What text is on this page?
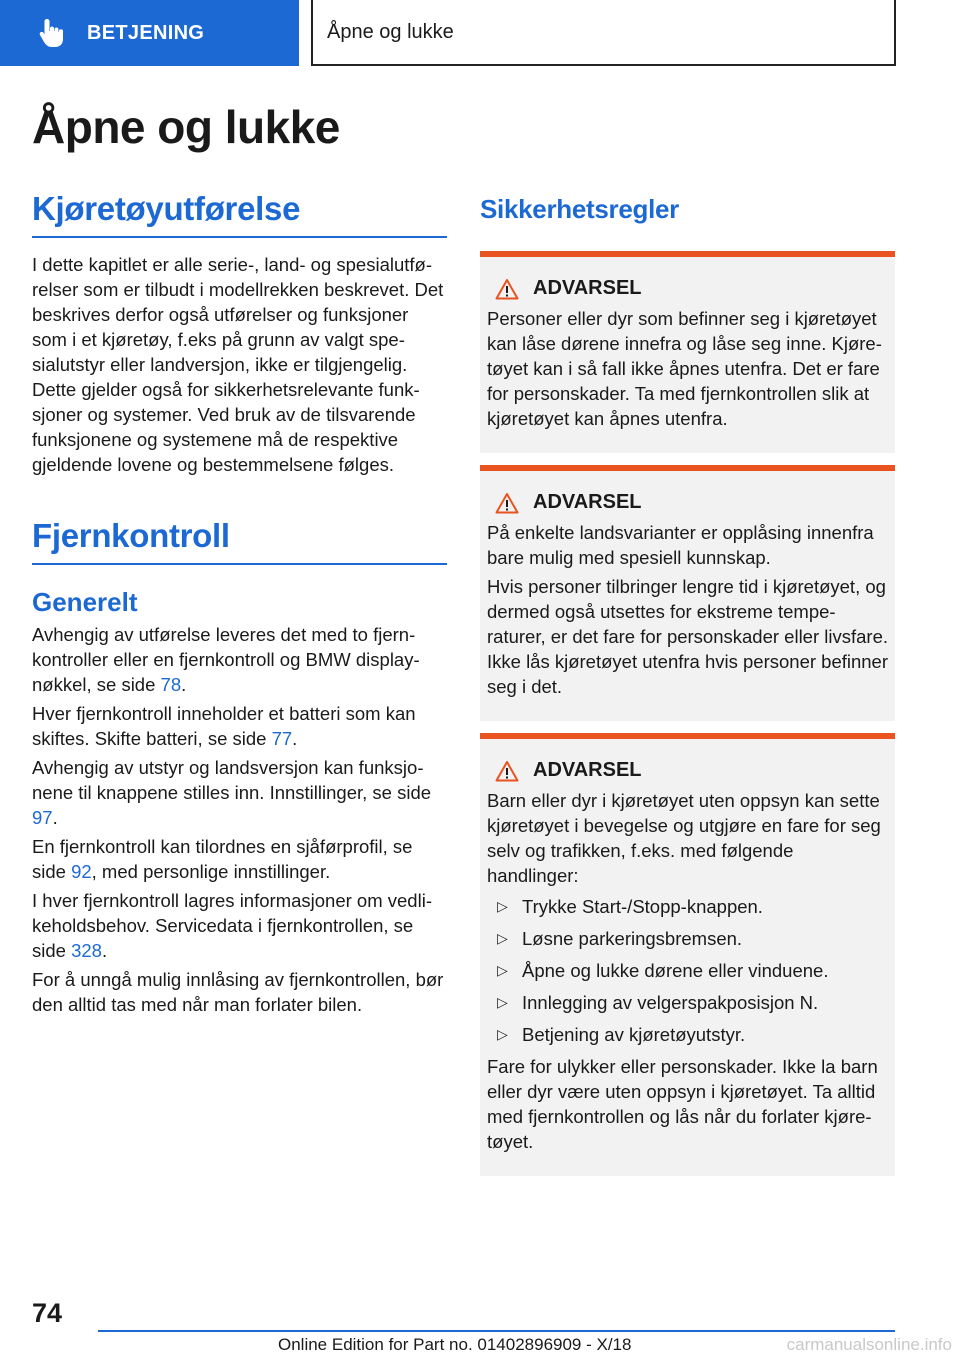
BETJENING	Åpne og lukke
Åpne og lukke
Kjøretøyutførelse

I dette kapitlet er alle serie-, land- og spesialutførelser som er tilbudt i modellrekken beskrevet. Det beskrives derfor også utførelser og funksjoner som i et kjøretøy, f.eks på grunn av valgt spesialutstyr eller landversjon, ikke er tilgjengelig. Dette gjelder også for sikkerhetsrelevante funksjoner og systemer. Ved bruk av de tilsvarende funksjonene og systemene må de respektive gjeldende lovene og bestemmelsene følges.

Fjernkontroll
Generelt

Avhengig av utførelse leveres det med to fjernkontroller eller en fjernkontroll og BMW displaynøkkel, se side 78.

Hver fjernkontroll inneholder et batteri som kan skiftes. Skifte batteri, se side 77.

Avhengig av utstyr og landsversjon kan funksjonene til knappene stilles inn. Innstillinger, se side 97.

En fjernkontroll kan tilordnes en sjåførprofil, se side 92, med personlige innstillinger.

I hver fjernkontroll lagres informasjoner om vedlikeholdsbehov. Servicedata i fjernkontrollen, se side 328.

For å unngå mulig innlåsing av fjernkontrollen, bør den alltid tas med når man forlater bilen.

Sikkerhetsregler
ADVARSEL

Personer eller dyr som befinner seg i kjøretøyet kan låse dørene innefra og låse seg inne. Kjøretøyet kan i så fall ikke åpnes utenfra. Det er fare for personskader. Ta med fjernkontrollen slik at kjøretøyet kan åpnes utenfra.

ADVARSEL

På enkelte landsvarianter er opplåsing innenfra bare mulig med spesiell kunnskap.

Hvis personer tilbringer lengre tid i kjøretøyet, og dermed også utsettes for ekstreme temperaturer, er det fare for personskader eller livsfare. Ikke lås kjøretøyet utenfra hvis personer befinner seg i det.

ADVARSEL

Barn eller dyr i kjøretøyet uten oppsyn kan sette kjøretøyet i bevegelse og utgjøre en fare for seg selv og trafikken, f.eks. med følgende handlinger:

▷ Trykke Start-/Stopp-knappen.
▷ Løsne parkeringsbremsen.
▷ Åpne og lukke dørene eller vinduene.
▷ Innlegging av velgerspakposisjon N.
▷ Betjening av kjøretøyutstyr.

Fare for ulykker eller personskader. Ikke la barn eller dyr være uten oppsyn i kjøretøyet. Ta alltid med fjernkontrollen og lås når du forlater kjøretøyet.

74
Online Edition for Part no. 01402896909 - X/18	carmanualsonline.info
